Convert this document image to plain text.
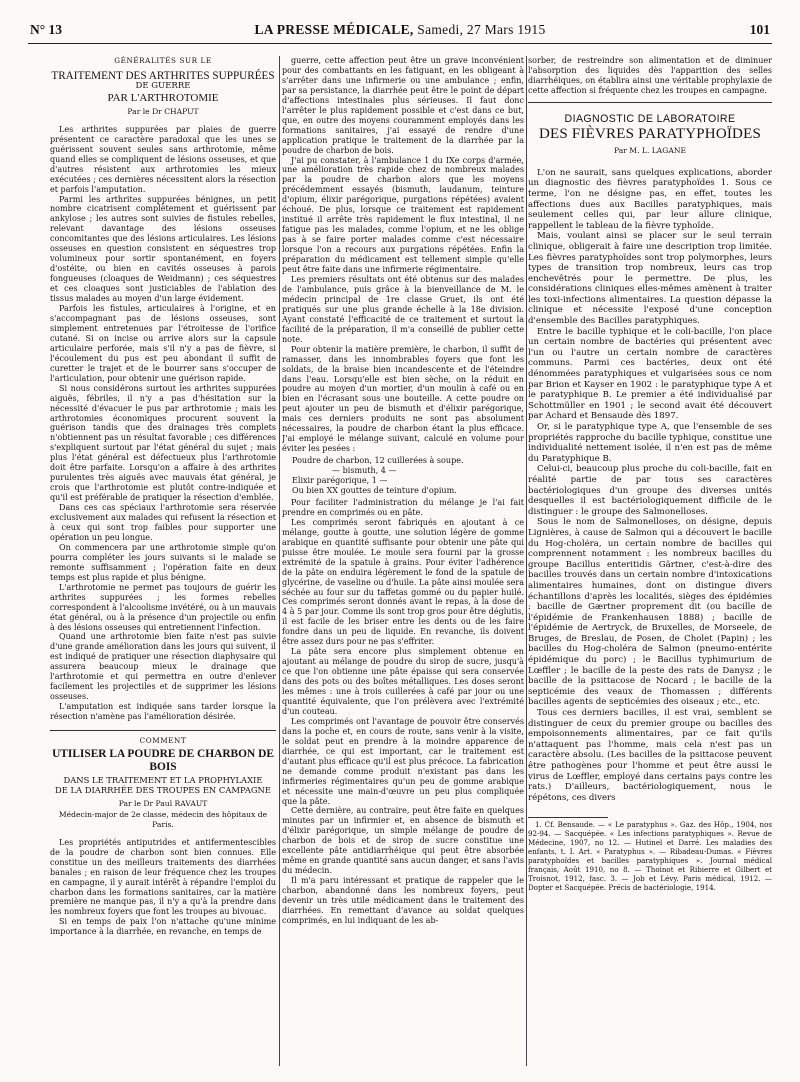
N° 13	LA PRESSE MÉDICALE, Samedi, 27 Mars 1915	101

GÉNÉRALITÉS SUR LE

TRAITEMENT DES ARTHRITES SUPPURÉES

DE GUERRE

PAR L'ARTHROTOMIE

Par le Dr CHAPUT

Les arthrites suppurées par plaies de guerre présentent ce caractère paradoxal que les unes se guérissent souvent seules sans arthrotomie, même quand elles se compliquent de lésions osseuses, et que d'autres résistent aux arthrotomies les mieux exécutées ; ces dernières nécessitent alors la résection et parfois l'amputation.

Parmi les arthrites suppurées bénignes, un petit nombre cicatrisent complètement et guérissent par ankylose ; les autres sont suivies de fistules rebelles, relevant davantage des lésions osseuses concomitantes que des lésions articulaires. Les lésions osseuses en question consistent en séquestres trop volumineux pour sortir spontanément, en foyers d'ostéite, ou bien en cavités osseuses à parois fongueuses (cloaques de Weidmann) ; ces séquestres et ces cloaques sont justiciables de l'ablation des tissus malades au moyen d'un large évidement.

Parfois les fistules, articulaires à l'origine, et en s'accompagnant pas de lésions osseuses, sont simplement entretenues par l'étroitesse de l'orifice cutané. Si on incise ou arrive alors sur la capsule articulaire perforée, mais s'il n'y a pas de fièvre, si l'écoulement du pus est peu abondant il suffit de curetter le trajet et de le bourrer sans s'occuper de l'articulation, pour obtenir une guérison rapide.

Si nous considérons surtout les arthrites suppurées aiguës, fébriles, il n'y a pas d'hésitation sur la nécessité d'évacuer le pus par arthrotomie ; mais les arthrotomies économiques procurent souvent la guérison tandis que des drainages très complets n'obtiennent pas un résultat favorable ; ces différences s'expliquent surtout par l'état général du sujet ; mais plus l'état général est défectueux plus l'arthrotomie doit être parfaite. Lorsqu'on a affaire à des arthrites purulentes très aiguës avec mauvais état général, je crois que l'arthrotomie est plutôt contre-indiquée et qu'il est préférable de pratiquer la résection d'emblée.

Dans ces cas spéciaux l'arthrotomie sera réservée exclusivement aux malades qui refusent la résection et à ceux qui sont trop faibles pour supporter une opération un peu longue.

On commencera par une arthrotomie simple qu'on pourra compléter les jours suivants si le malade se remonte suffisamment ; l'opération faite en deux temps est plus rapide et plus bénigne.

L'arthrotomie ne permet pas toujours de guérir les arthrites suppurées ; les formes rebelles correspondent à l'alcoolisme invétéré, ou à un mauvais état général, ou à la présence d'un projectile ou enfin à des lésions osseuses qui entretiennent l'infection.

Quand une arthrotomie bien faite n'est pas suivie d'une grande amélioration dans les jours qui suivent, il est indiqué de pratiquer une résection diaphysaire qui assurera beaucoup mieux le drainage que l'arthrotomie et qui permettra en outre d'enlever facilement les projectiles et de supprimer les lésions osseuses.

L'amputation est indiquée sans tarder lorsque la résection n'amène pas l'amélioration désirée.

COMMENT

UTILISER LA POUDRE DE CHARBON DE BOIS

DANS LE TRAITEMENT ET LA PROPHYLAXIE

DE LA DIARRHÉE DES TROUPES EN CAMPAGNE

Par le Dr Paul RAVAUT

Médecin-major de 2e classe, médecin des hôpitaux de Paris.

Les propriétés antiputrides et antifermentescibles de la poudre de charbon sont bien connues. Elle constitue un des meilleurs traitements des diarrhées banales ; en raison de leur fréquence chez les troupes en campagne, il y aurait intérêt à répandre l'emploi du charbon dans les formations sanitaires, car la matière première ne manque pas, il n'y a qu'à la prendre dans les nombreux foyers que font les troupes au bivouac.

Si en temps de paix l'on n'attache qu'une minime importance à la diarrhée, en revanche, en temps de

guerre, cette affection peut être un grave inconvénient pour des combattants en les fatiguant, en les obligeant à s'arrêter dans une infirmerie ou une ambulance ; enfin, par sa persistance, la diarrhée peut être le point de départ d'affections intestinales plus sérieuses. Il faut donc l'arrêter le plus rapidement possible et c'est dans ce but, que, en outre des moyens couramment employés dans les formations sanitaires, j'ai essayé de rendre d'une application pratique le traitement de la diarrhée par la poudre de charbon de bois.

J'ai pu constater, à l'ambulance 1 du IXe corps d'armée, une amélioration très rapide chez de nombreux malades par la poudre de charbon alors que les moyens précédemment essayés (bismuth, laudanum, teinture d'opium, élixir parégorique, purgations répétées) avaient échoué. De plus, lorsque ce traitement est rapidement institué il arrête très rapidement le flux intestinal, il ne fatigue pas les malades, comme l'opium, et ne les oblige pas à se faire porter malades comme c'est nécessaire lorsque l'on a recours aux purgations répétées. Enfin la préparation du médicament est tellement simple qu'elle peut être faite dans une infirmerie régimentaire.

Les premiers résultats ont été obtenus sur des malades de l'ambulance, puis grâce à la bienveillance de M. le médecin principal de 1re classe Gruet, ils ont été pratiqués sur une plus grande échelle à la 18e division. Ayant constaté l'efficacité de ce traitement et surtout la facilité de la préparation, il m'a conseillé de publier cette note.

Pour obtenir la matière première, le charbon, il suffit de ramasser, dans les innombrables foyers que font les soldats, de la braise bien incandescente et de l'éteindre dans l'eau. Lorsqu'elle est bien sèche, on la réduit en poudre au moyen d'un mortier, d'un moulin à café ou en bien en l'écrasant sous une bouteille. A cette poudre on peut ajouter un peu de bismuth et d'élixir parégorique, mais ces derniers produits ne sont pas absolument nécessaires, la poudre de charbon étant la plus efficace. J'ai employé le mélange suivant, calculé en volume pour éviter les pesées :

Poudre de charbon, 12 cuillerées à soupe.
— bismuth, 4 —
Elixir parégorique, 1 —
Ou bien XX gouttes de teinture d'opium.

Pour faciliter l'administration du mélange je l'ai fait prendre en comprimés ou en pâte.

Les comprimés seront fabriqués en ajoutant à ce mélange, goutte à goutte, une solution légère de gomme arabique en quantité suffisante pour obtenir une pâte qui puisse être moulée. Le moule sera fourni par la grosse extrémité de la spatule à grains. Pour éviter l'adhérence de la pâte on enduira légèrement le fond de la spatule de glycérine, de vaseline ou d'huile. La pâte ainsi moulée sera séchée au four sur du taffetas gommé ou du papier huilé. Ces comprimés seront donnés avant le repas, à la dose de 4 à 5 par jour. Comme ils sont trop gros pour être déglutis, il est facile de les briser entre les dents ou de les faire fondre dans un peu de liquide. En revanche, ils doivent être assez durs pour ne pas s'effriter.

La pâte sera encore plus simplement obtenue en ajoutant au mélange de poudre du sirop de sucre, jusqu'à ce que l'on obtienne une pâte épaisse qui sera conservée dans des pots ou des boîtes métalliques. Les doses seront les mêmes : une à trois cuillerées à café par jour ou une quantité équivalente, que l'on prélèvera avec l'extrémité d'un couteau.

Les comprimés ont l'avantage de pouvoir être conservés dans la poche et, en cours de route, sans venir à la visite, le soldat peut en prendre à la moindre apparence de diarrhée, ce qui est important, car le traitement est d'autant plus efficace qu'il est plus précoce. La fabrication ne demande comme produit n'existant pas dans les infirmeries régimentaires qu'un peu de gomme arabique et nécessite une main-d'œuvre un peu plus compliquée que la pâte.

Cette dernière, au contraire, peut être faite en quelques minutes par un infirmier et, en absence de bismuth et d'élixir parégorique, un simple mélange de poudre de charbon de bois et de sirop de sucre constitue une excellente pâte antidiarrhéique qui peut être absorbée même en grande quantité sans aucun danger, et sans l'avis du médecin.

Il m'a paru intéressant et pratique de rappeler que le charbon, abandonné dans les nombreux foyers, peut devenir un très utile médicament dans le traitement des diarrhées. En remettant d'avance au soldat quelques comprimés, en lui indiquant de les ab-

sorber, de restreindre son alimentation et de diminuer l'absorption des liquides dès l'apparition des selles diarrhéiques, on établira ainsi une véritable prophylaxie de cette affection si fréquente chez les troupes en campagne.

DIAGNOSTIC DE LABORATOIRE

DES FIÈVRES PARATYPHOÏDES

Par M. L. LAGANE

L'on ne saurait, sans quelques explications, aborder un diagnostic des fièvres paratyphoïdes 1. Sous ce terme, l'on ne désigne pas, en effet, toutes les affections dues aux Bacilles paratyphiques, mais seulement celles qui, par leur allure clinique, rappellent le tableau de la fièvre typhoïde.

Mais, voulant ainsi se placer sur le seul terrain clinique, obligerait à faire une description trop limitée. Les fièvres paratyphoïdes sont trop polymorphes, leurs types de transition trop nombreux, leurs cas trop enchevêtrés pour le permettre. De plus, les considérations cliniques elles-mêmes amènent à traiter les toxi-infections alimentaires. La question dépasse la clinique et nécessite l'exposé d'une conception d'ensemble des Bacilles paratyphiques.

Entre le bacille typhique et le coli-bacille, l'on place un certain nombre de bactéries qui présentent avec l'un ou l'autre un certain nombre de caractères communs. Parmi ces bactéries, deux ont été dénommées paratyphiques et vulgarisées sous ce nom par Brion et Kayser en 1902 : le paratyphique type A et le paratyphique B. Le premier a été individualisé par Schottmüller en 1901 ; le second avait été découvert par Achard et Bensaude dès 1897.

Or, si le paratyphique type A, que l'ensemble de ses propriétés rapproche du bacille typhique, constitue une individualité nettement isolée, il n'en est pas de même du Paratyphique B.

Celui-ci, beaucoup plus proche du coli-bacille, fait en réalité partie de par tous ses caractères bactériologiques d'un groupe des diverses unités desquelles il est bactériologiquement difficile de le distinguer : le groupe des Salmonelloses.

Sous le nom de Salmonelloses, on désigne, depuis Lignières, à cause de Salmon qui a découvert le bacille du Hog-choléra, un certain nombre de bacilles qui comprennent notamment : les nombreux bacilles du groupe Bacillus enteritidis Gärtner, c'est-à-dire des bacilles trouvés dans un certain nombre d'intoxications alimentaires humaines, dont on distingue divers échantillons d'après les localités, sièges des épidémies : bacille de Gærtner proprement dit (ou bacille de l'épidémie de Frankenhausen 1888) ; bacille de l'épidémie de Aertryck, de Bruxelles, de Morseele, de Bruges, de Breslau, de Posen, de Cholet (Papin) ; les bacilles du Hog-choléra de Salmon (pneumo-entérite épidémique du porc) ; le Bacillus typhimurium de Lœffler ; le bacille de la peste des rats de Danysz ; le bacille de la psittacose de Nocard ; le bacille de la septicémie des veaux de Thomassen ; différents bacilles agents de septicémies des oiseaux ; etc., etc.

Tous ces derniers bacilles, il est vrai, semblent se distinguer de ceux du premier groupe ou bacilles des empoisonnements alimentaires, par ce fait qu'ils n'attaquent pas l'homme, mais cela n'est pas un caractère absolu. (Les bacilles de la psittacose peuvent être pathogènes pour l'homme et peut être aussi le virus de Lœffler, employé dans certains pays contre les rats.) D'ailleurs, bactériologiquement, nous le répétons, ces divers

1. Cf. Bensaude. — « Le paratyphus ». Gaz. des Hôp., 1904, nos 92-94. — Sacquépée. « Les infections paratyphiques ». Revue de Médecine, 1907, no 12. — Hutinel et Darré. Les maladies des enfants, t. I. Art. « Paratyphus ». — Ribadeau-Dumas. « Fièvres paratyphoïdes et bacilles paratyphiques ». Journal médical français, Août 1910, no 8. — Thoinot et Ribierre et Gilbert et Troisnot, 1912, fasc. 3. — Job et Lévy. Paris médical, 1912. — Dopter et Sacquépée. Précis de bactériologie, 1914.
